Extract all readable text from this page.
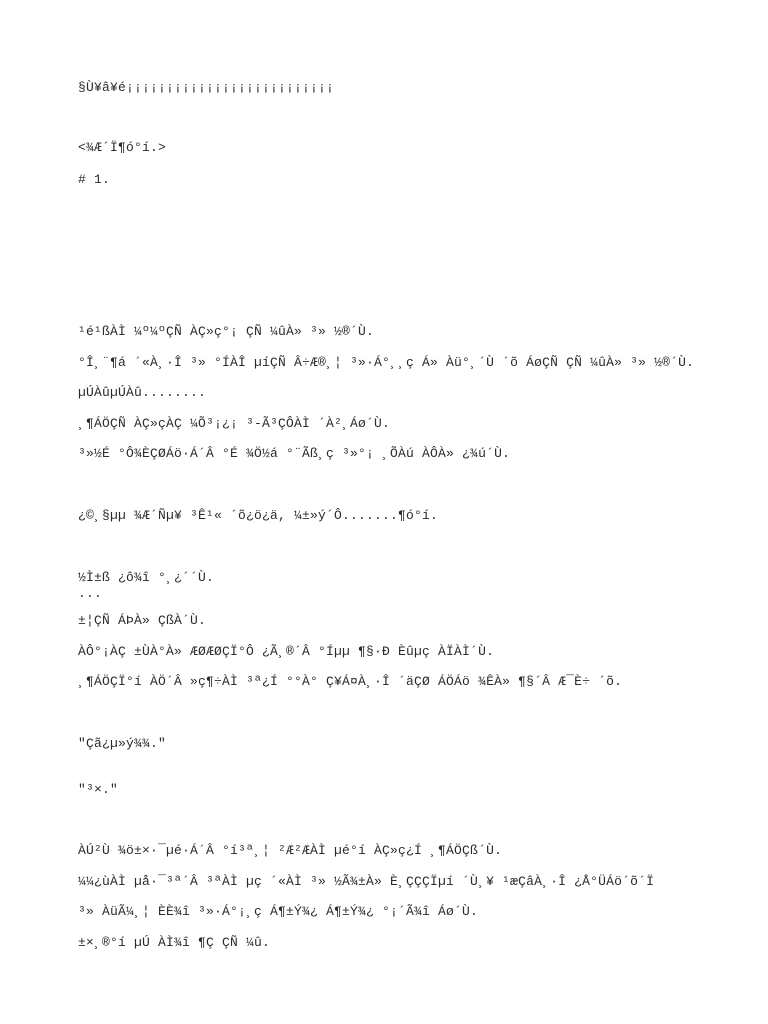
§Ù¥â¥é¡¡¡¡¡¡¡¡¡¡¡¡¡¡¡¡¡¡¡¡¡¡¡¡¡¡
<¾Æ´Ï¶ó°í.>
# 1.
¹é¹ßÀÌ ¼º¼ºÇÑ ÀÇ»ç°¡ ÇÑ ¼ûÀ» ³» ½®´Ù.
°Î¸¨¶á ´«À¸·Î ³» °ÍÀÎ µíÇÑ Â÷Æ®¸¦ ³»·Á°¸¸ç Á» Àü°¸´Ù ´õ ÁøÇÑ ÇÑ ¼ûÀ» ³» ½®´Ù.
µÚÀûµÚÀû........
¸¶ÁÖÇÑ ÀÇ»çÀÇ ¼Õ³¡¿¡ ³-Ã³ÇÔÀÌ ´À²¸Áø´Ù.
³»½É °Ô¾ÈÇØÁö·Á´Â °É ¾Ö½á °¨Ãß¸ç ³»°¡ ¸ÕÀú ÀÔÀ» ¿¾ú´Ù.
¿©¸§µµ ¾Æ´Ñµ¥ ³Ê¹« ´õ¿ö¿ä, ¼±»ý´Ô.......¶ó°í.
½Ì±ß ¿ô¾î °¸¿´´Ù.
...
±¦ÇÑ ÁÞÀ» ÇßÀ´Ù.
ÀÔ°¡ÀÇ ±ÙÀ°À» ÆØÆØÇÏ°Ô ¿Ã¸®´Â °Íµµ ¶§·Ð Èûµç ÀÏÀÌ´Ù.
¸¶ÁÖÇÏ°í ÀÖ´Â »ç¶÷ÀÌ ³ª¿Í °°À° Ç¥Á¤À¸·Î ´äÇØ ÁÖÁö ¾ÊÀ» ¶§´Â Æ¯È÷ ´õ.
"Çã¿µ»ý¾¾."
"³×."
ÀÚ²Ù ¾ö±×·¯µé·Á´Â °í³ª¸¦ ²Æ²ÆÀÌ µé°í ÀÇ»ç¿Í ¸¶ÁÖÇß´Ù.
¼¼¿ùÀÌ µå·¯³ª´Â ³ªÀÌ µç ´«ÀÌ ³» ½Ã¾±À» È¸ÇÇÇÏµí ´Ù¸¥ ¹æÇâÀ¸·Î ¿Å°ÜÁö´õ´Ï
³» ÀüÃ¼¸¦ ÈÈ¾î ³»·Á°¡¸ç Á¶±Ý¾¿ Á¶±Ý¾¿ °¡´Ã¾î Áø´Ù.
±×¸®°í µÚ ÀÌ¾î ¶Ç ÇÑ ¼û.
